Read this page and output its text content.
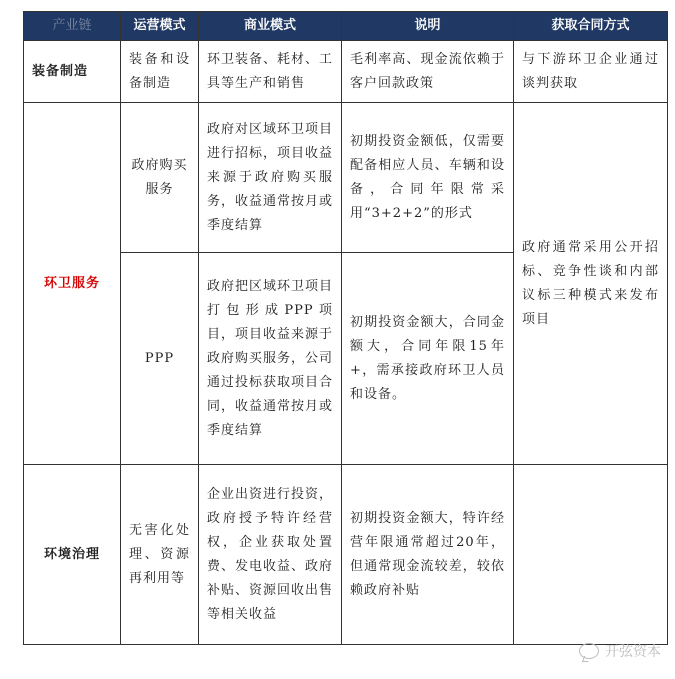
产业链	运营模式	商业模式	说明	获取合同方式

装备制造	装备和设备制造	环卫装备、耗材、工具等生产和销售	毛利率高、现金流依赖于客户回款政策	与下游环卫企业通过谈判获取

环卫服务	政府购买服务	政府对区域环卫项目进行招标，项目收益来源于政府购买服务，收益通常按月或季度结算	初期投资金额低，仅需要配备相应人员、车辆和设备，合同年限常采用“3+2+2”的形式	政府通常采用公开招标、竞争性谈和内部议标三种模式来发布项目

	PPP	政府把区域环卫项目打包形成PPP项目，项目收益来源于政府购买服务，公司通过投标获取项目合同，收益通常按月或季度结算	初期投资金额大，合同金额大，合同年限15年+，需承接政府环卫人员和设备。	

环境治理	无害化处理、资源再利用等	企业出资进行投资，政府授予特许经营权，企业获取处置费、发电收益、政府补贴、资源回收出售等相关收益	初期投资金额大，特许经营年限通常超过20年，但通常现金流较差，较依赖政府补贴	

开弦资本
